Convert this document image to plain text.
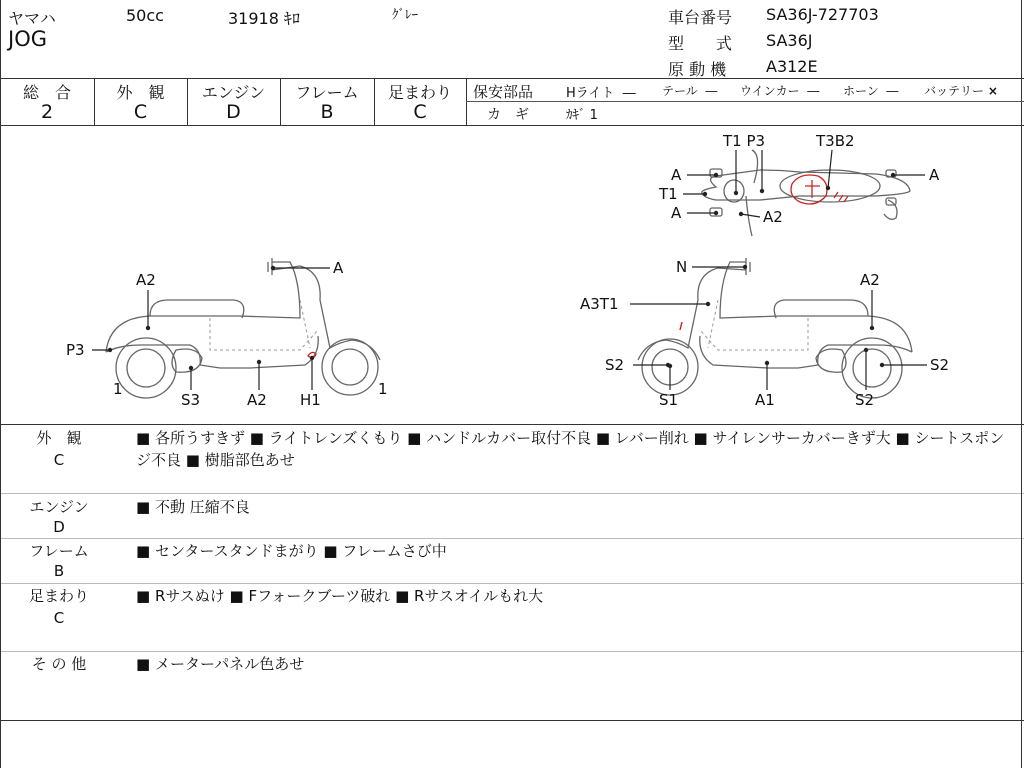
ヤマハ	50cc	31918 ｷﾛ	ｸﾞﾚｰ
JOG
車台番号 SA36J-727703
型　　式 SA36J
原 動 機 A312E
総　合	外　観	エンジン	フレーム	足まわり
2	C	D	B	C
保安部品	Hライト ― テール ― ウインカー ― ホーン ― バッテリー ×
カ　ギ	ｶｷﾞ 1
T1 P3	T3B2
A	A
T1
A	A2
A
A2
P3
1
S3	A2 H1
1
N
A2
A3T1
S2	S2
S1	A1	S2
外　観
C
■ 各所うすきず ■ ライトレンズくもり ■ ハンドルカバー取付不良 ■ レバー削れ ■ サイレンサーカバーきず大 ■ シートスポンジ不良 ■ 樹脂部色あせ
エンジン
D
■ 不動 圧縮不良
フレーム
B
■ センタースタンドまがり ■ フレームさび中
足まわり
C
■ Rサスぬけ ■ Fフォークブーツ破れ ■ Rサスオイルもれ大
そ の 他	■ メーターパネル色あせ
